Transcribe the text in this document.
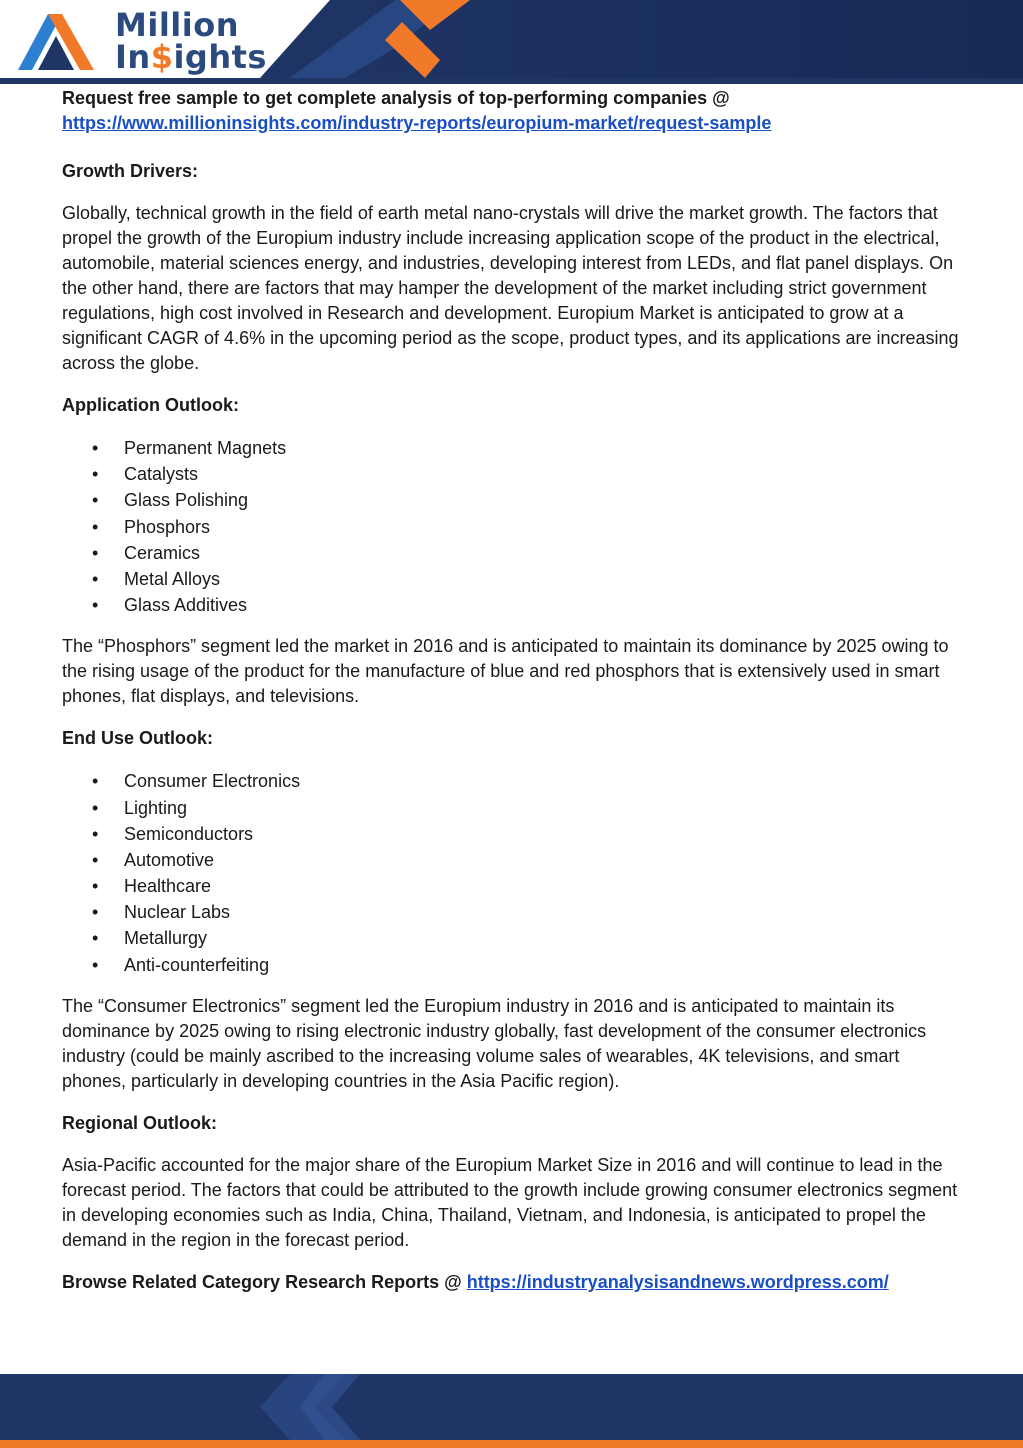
Million
In$ights

Request free sample to get complete analysis of top-performing companies @

https://www.millioninsights.com/industry-reports/europium-market/request-sample

Growth Drivers:

Globally, technical growth in the field of earth metal nano-crystals will drive the market growth. The factors that propel the growth of the Europium industry include increasing application scope of the product in the electrical, automobile, material sciences energy, and industries, developing interest from LEDs, and flat panel displays. On the other hand, there are factors that may hamper the development of the market including strict government regulations, high cost involved in Research and development. Europium Market is anticipated to grow at a significant CAGR of 4.6% in the upcoming period as the scope, product types, and its applications are increasing across the globe.

Application Outlook:

• Permanent Magnets
• Catalysts
• Glass Polishing
• Phosphors
• Ceramics
• Metal Alloys
• Glass Additives

The “Phosphors” segment led the market in 2016 and is anticipated to maintain its dominance by 2025 owing to the rising usage of the product for the manufacture of blue and red phosphors that is extensively used in smart phones, flat displays, and televisions.

End Use Outlook:

• Consumer Electronics
• Lighting
• Semiconductors
• Automotive
• Healthcare
• Nuclear Labs
• Metallurgy
• Anti-counterfeiting

The “Consumer Electronics” segment led the Europium industry in 2016 and is anticipated to maintain its dominance by 2025 owing to rising electronic industry globally, fast development of the consumer electronics industry (could be mainly ascribed to the increasing volume sales of wearables, 4K televisions, and smart phones, particularly in developing countries in the Asia Pacific region).

Regional Outlook:

Asia-Pacific accounted for the major share of the Europium Market Size in 2016 and will continue to lead in the forecast period. The factors that could be attributed to the growth include growing consumer electronics segment in developing economies such as India, China, Thailand, Vietnam, and Indonesia, is anticipated to propel the demand in the region in the forecast period.

Browse Related Category Research Reports @ https://industryanalysisandnews.wordpress.com/
